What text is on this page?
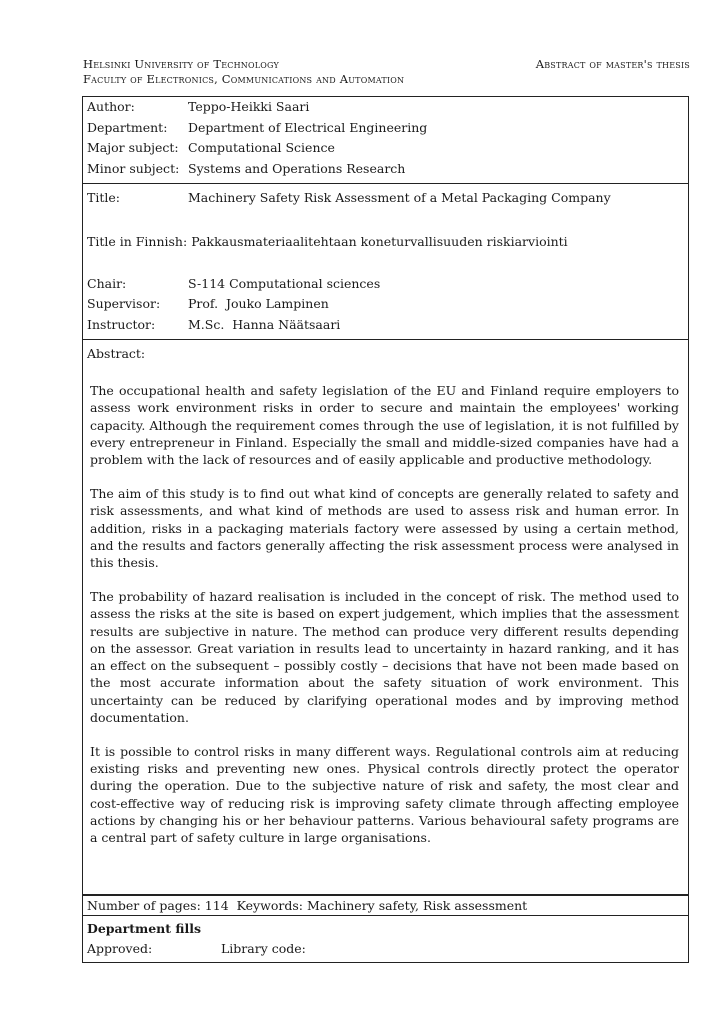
Helsinki University of Technology	Abstract of master's thesis
Faculty of Electronics, Communications and Automation
Author:	Teppo-Heikki Saari
Department:	Department of Electrical Engineering
Major subject: Computational Science
Minor subject: Systems and Operations Research
Title:	Machinery Safety Risk Assessment of a Metal Packaging Company
Title in Finnish: Pakkausmateriaalitehtaan koneturvallisuuden riskiarviointi
Chair:	S-114 Computational sciences
Supervisor:	Prof.  Jouko Lampinen
Instructor:	M.Sc.  Hanna Näätsaari
Abstract:

The occupational health and safety legislation of the EU and Finland require employers to assess work environment risks in order to secure and maintain the employees' working capacity. Although the requirement comes through the use of legislation, it is not fulfilled by every entrepreneur in Finland. Especially the small and middle-sized companies have had a problem with the lack of resources and of easily applicable and productive methodology.

The aim of this study is to find out what kind of concepts are generally related to safety and risk assessments, and what kind of methods are used to assess risk and human error. In addition, risks in a packaging materials factory were assessed by using a certain method, and the results and factors generally affecting the risk assessment process were analysed in this thesis.

The probability of hazard realisation is included in the concept of risk. The method used to assess the risks at the site is based on expert judgement, which implies that the assessment results are subjective in nature. The method can produce very different results depending on the assessor. Great variation in results lead to uncertainty in hazard ranking, and it has an effect on the subsequent – possibly costly – decisions that have not been made based on the most accurate information about the safety situation of work environment. This uncertainty can be reduced by clarifying operational modes and by improving method documentation.

It is possible to control risks in many different ways. Regulational controls aim at reducing existing risks and preventing new ones. Physical controls directly protect the operator during the operation. Due to the subjective nature of risk and safety, the most clear and cost-effective way of reducing risk is improving safety climate through affecting employee actions by changing his or her behaviour patterns. Various behavioural safety programs are a central part of safety culture in large organisations.

Number of pages: 114 Keywords: Machinery safety, Risk assessment
Department fills
Approved:	Library code:
